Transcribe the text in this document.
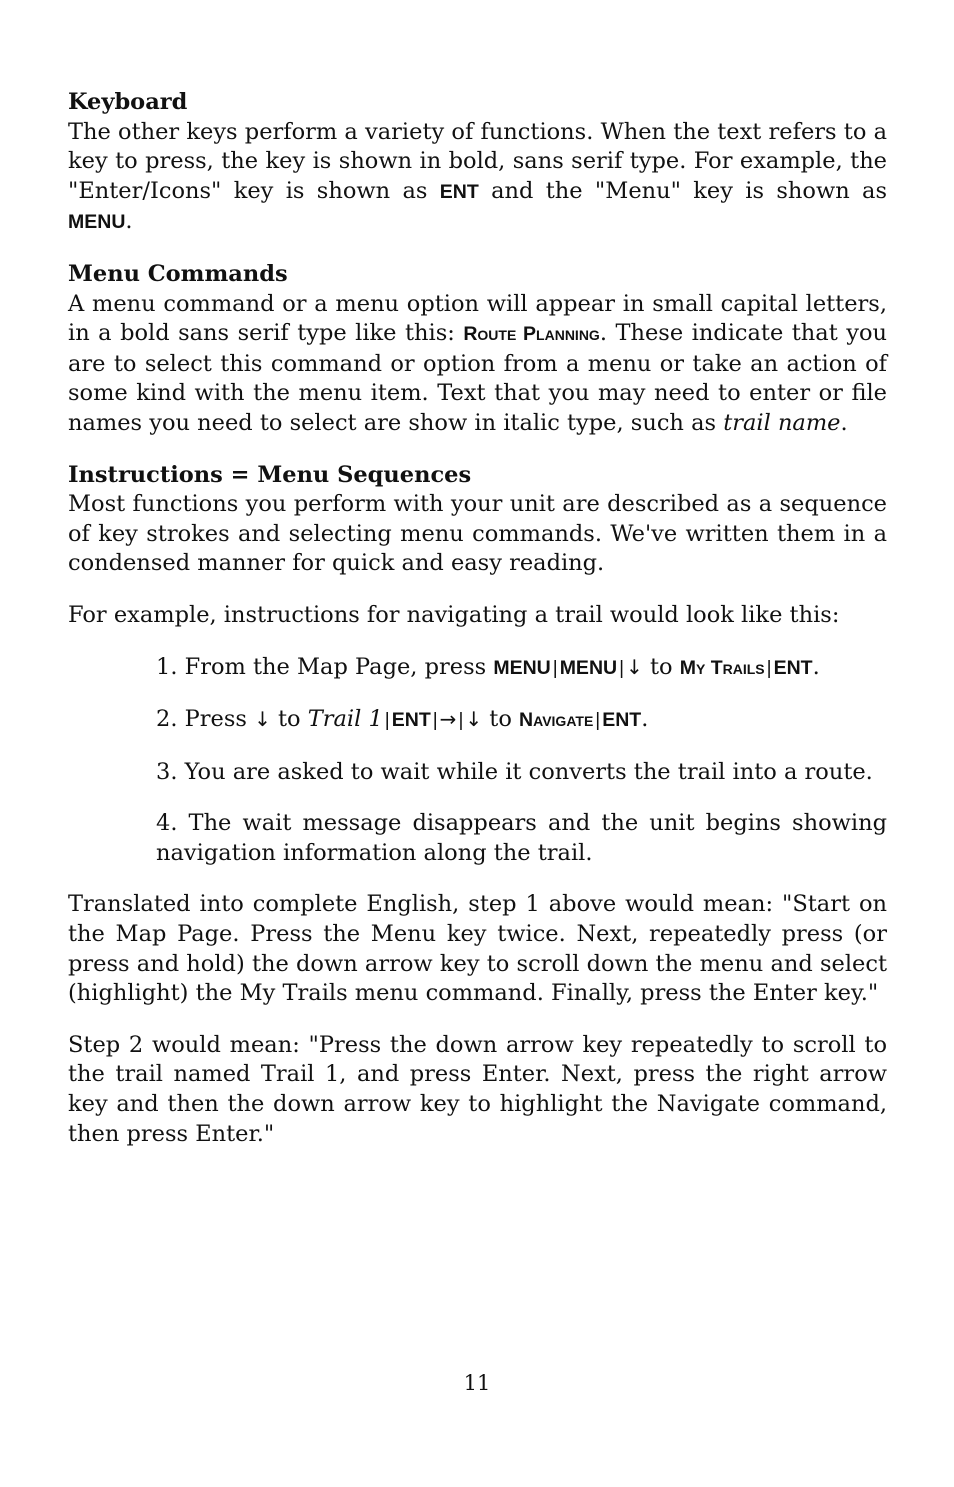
Keyboard

The other keys perform a variety of functions. When the text refers to a key to press, the key is shown in bold, sans serif type. For example, the "Enter/Icons" key is shown as ENT and the "Menu" key is shown as MENU.

Menu Commands

A menu command or a menu option will appear in small capital letters, in a bold sans serif type like this: Route Planning. These indicate that you are to select this command or option from a menu or take an action of some kind with the menu item. Text that you may need to enter or file names you need to select are show in italic type, such as trail name.

Instructions = Menu Sequences

Most functions you perform with your unit are described as a sequence of key strokes and selecting menu commands. We've written them in a condensed manner for quick and easy reading.

For example, instructions for navigating a trail would look like this:

1. From the Map Page, press MENU | MENU | ↓ to My Trails | ENT.

2. Press ↓ to Trail 1 | ENT | → | ↓ to Navigate | ENT.

3. You are asked to wait while it converts the trail into a route.

4. The wait message disappears and the unit begins showing navigation information along the trail.

Translated into complete English, step 1 above would mean: "Start on the Map Page. Press the Menu key twice. Next, repeatedly press (or press and hold) the down arrow key to scroll down the menu and select (highlight) the My Trails menu command. Finally, press the Enter key."

Step 2 would mean: "Press the down arrow key repeatedly to scroll to the trail named Trail 1, and press Enter. Next, press the right arrow key and then the down arrow key to highlight the Navigate command, then press Enter."

11
